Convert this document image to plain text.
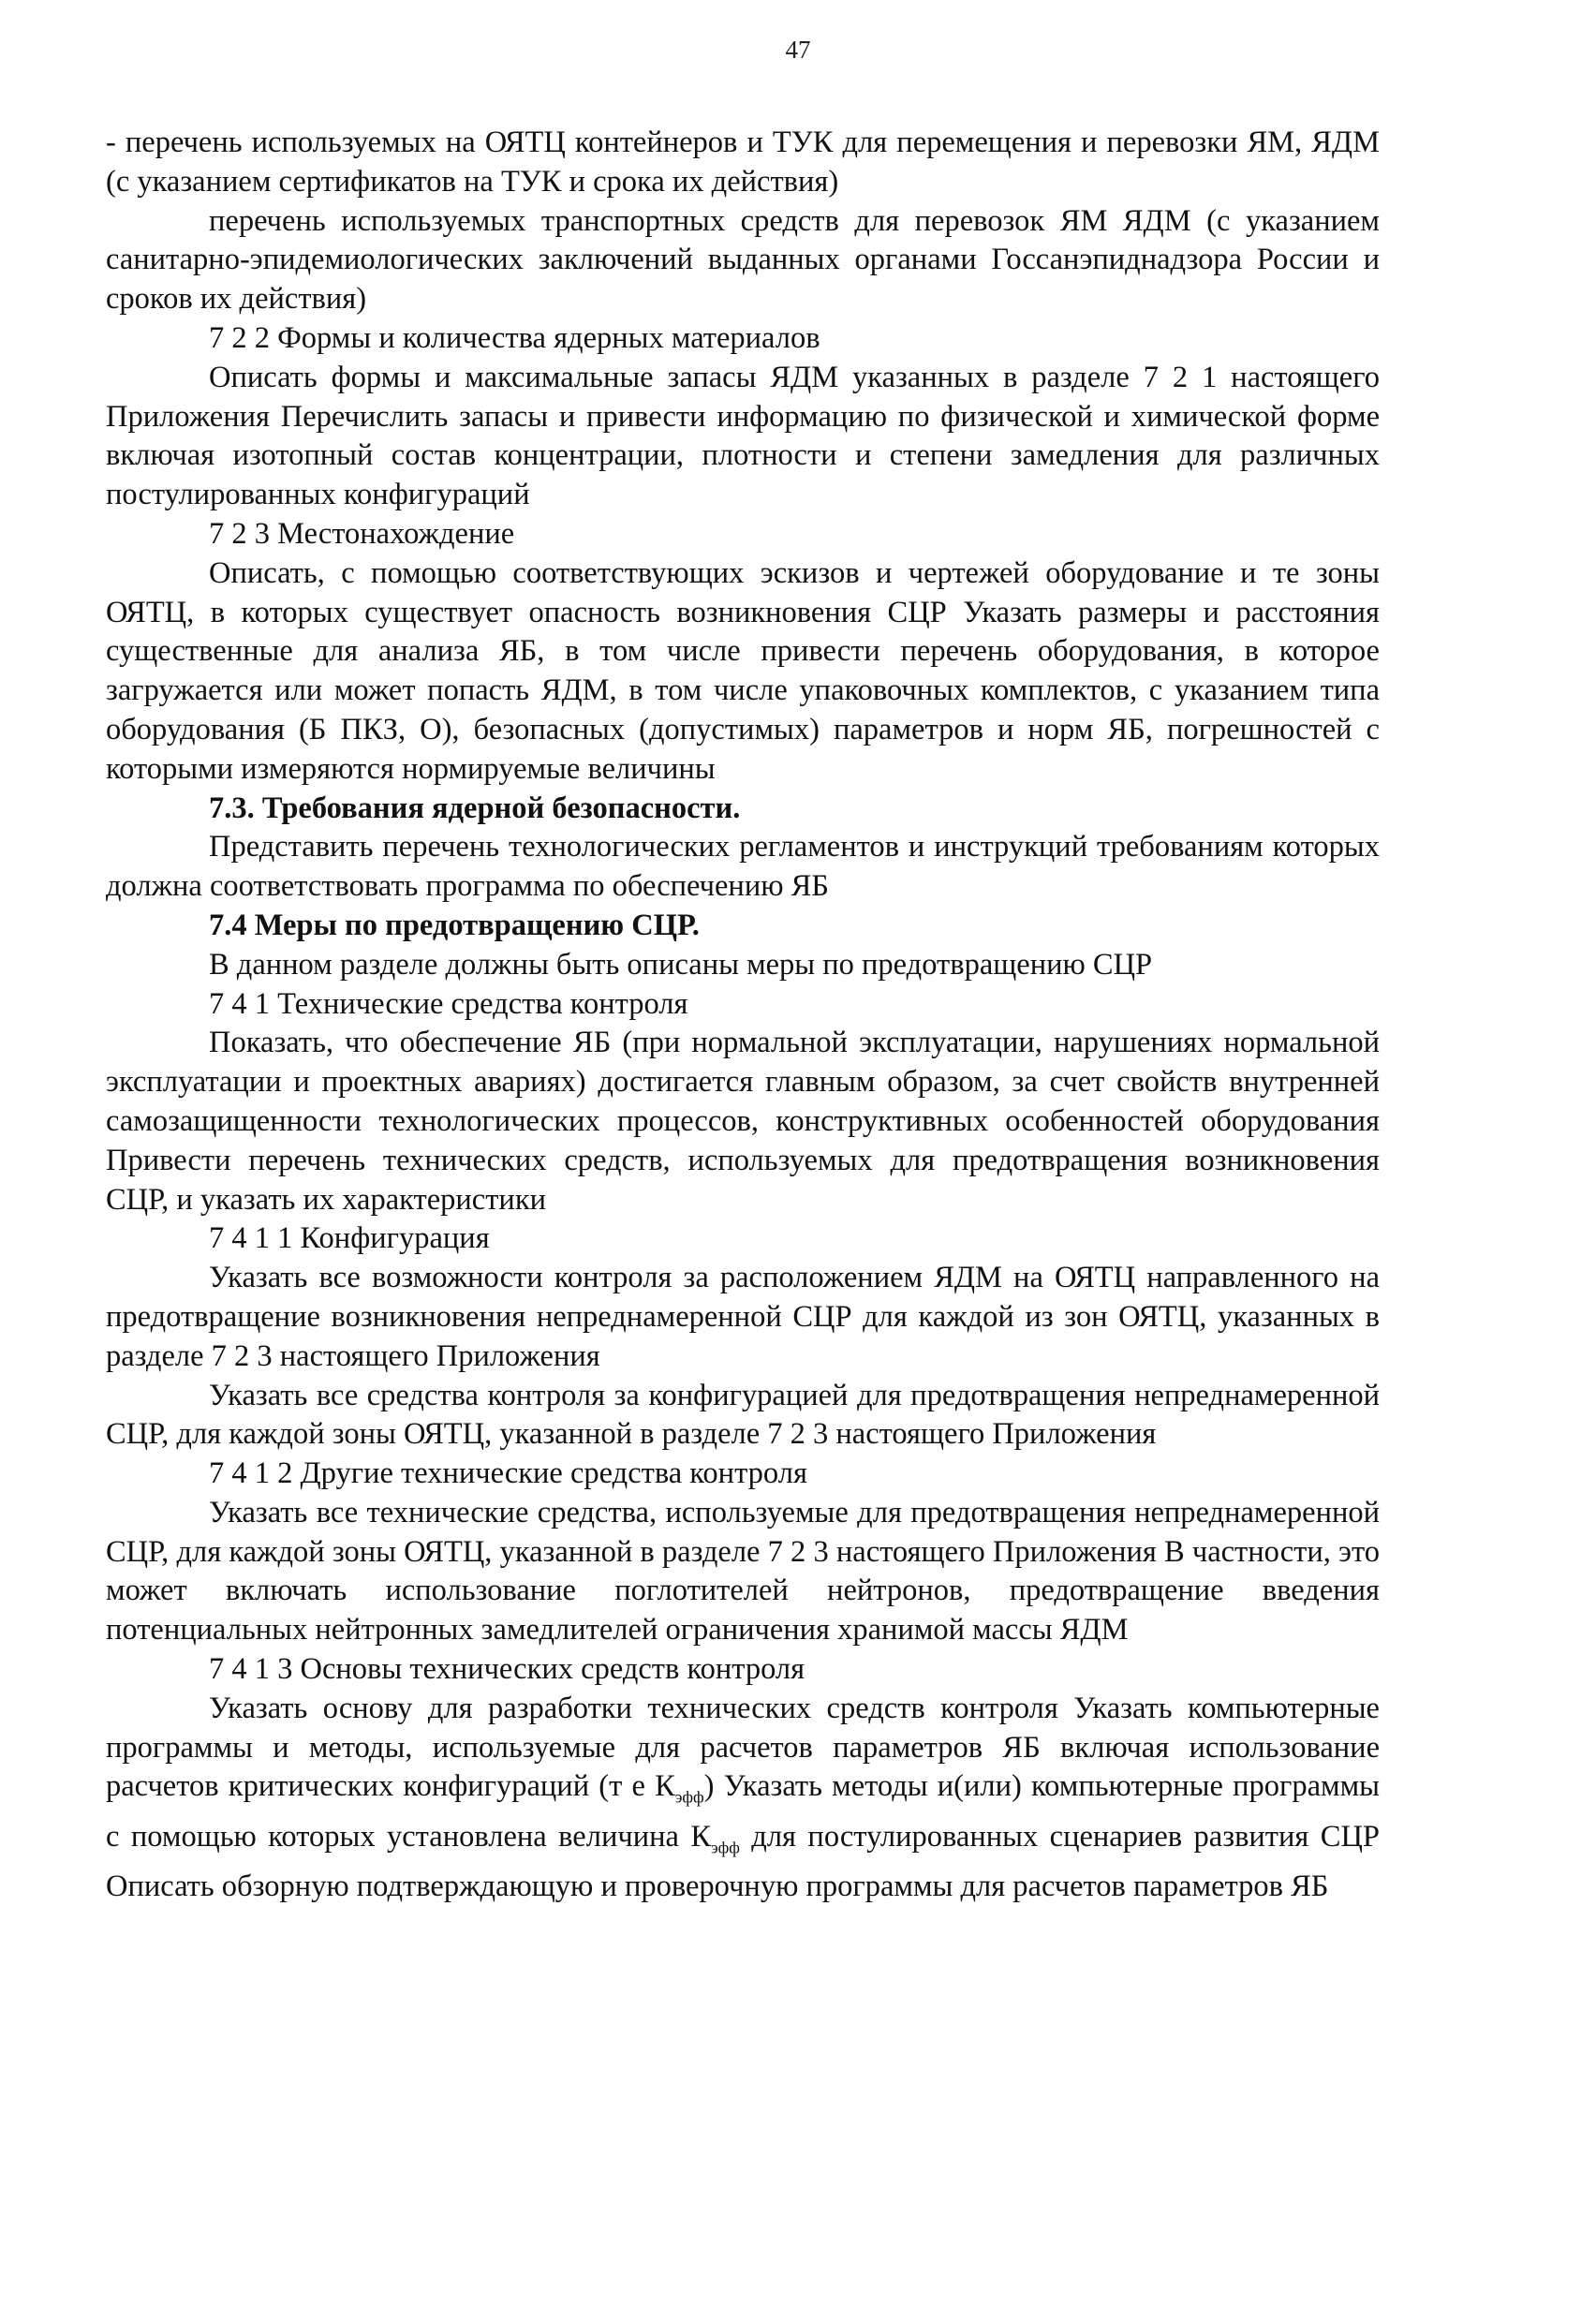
47

- перечень используемых на ОЯТЦ контейнеров и ТУК для перемещения и перевозки ЯМ, ЯДМ (с указанием сертификатов на ТУК и срока их действия)

перечень используемых транспортных средств для перевозок ЯМ ЯДМ (с указанием санитарно-эпидемиологических заключений выданных органами Госсанэпиднадзора России и сроков их действия)

7 2 2 Формы и количества ядерных материалов

Описать формы и максимальные запасы ЯДМ указанных в разделе 7 2 1 настоящего Приложения Перечислить запасы и привести информацию по физической и химической форме включая изотопный состав концентрации, плотности и степени замедления для различных постулированных конфигураций

7 2 3 Местонахождение

Описать, с помощью соответствующих эскизов и чертежей оборудование и те зоны ОЯТЦ, в которых существует опасность возникновения СЦР Указать размеры и расстояния существенные для анализа ЯБ, в том числе привести перечень оборудования, в которое загружается или может попасть ЯДМ, в том числе упаковочных комплектов, с указанием типа оборудования (Б ПКЗ, О), безопасных (допустимых) параметров и норм ЯБ, погрешностей с которыми измеряются нормируемые величины

7.3. Требования ядерной безопасности.

Представить перечень технологических регламентов и инструкций требованиям которых должна соответствовать программа по обеспечению ЯБ

7.4 Меры по предотвращению СЦР.

В данном разделе должны быть описаны меры по предотвращению СЦР

7 4 1 Технические средства контроля

Показать, что обеспечение ЯБ (при нормальной эксплуатации, нарушениях нормальной эксплуатации и проектных авариях) достигается главным образом, за счет свойств внутренней самозащищенности технологических процессов, конструктивных особенностей оборудования Привести перечень технических средств, используемых для предотвращения возникновения СЦР, и указать их характеристики

7 4 1 1 Конфигурация

Указать все возможности контроля за расположением ЯДМ на ОЯТЦ направленного на предотвращение возникновения непреднамеренной СЦР для каждой из зон ОЯТЦ, указанных в разделе 7 2 3 настоящего Приложения

Указать все средства контроля за конфигурацией для предотвращения непреднамеренной СЦР, для каждой зоны ОЯТЦ, указанной в разделе 7 2 3 настоящего Приложения

7 4 1 2 Другие технические средства контроля

Указать все технические средства, используемые для предотвращения непреднамеренной СЦР, для каждой зоны ОЯТЦ, указанной в разделе 7 2 3 настоящего Приложения В частности, это может включать использование поглотителей нейтронов, предотвращение введения потенциальных нейтронных замедлителей ограничения хранимой массы ЯДМ

7 4 1 3 Основы технических средств контроля

Указать основу для разработки технических средств контроля Указать компьютерные программы и методы, используемые для расчетов параметров ЯБ включая использование расчетов критических конфигураций (т е $К_{эфф}$) Указать методы и(или) компьютерные программы с помощью которых установлена величина $К_{эфф}$ для постулированных сценариев развития СЦР Описать обзорную подтверждающую и проверочную программы для расчетов параметров ЯБ
